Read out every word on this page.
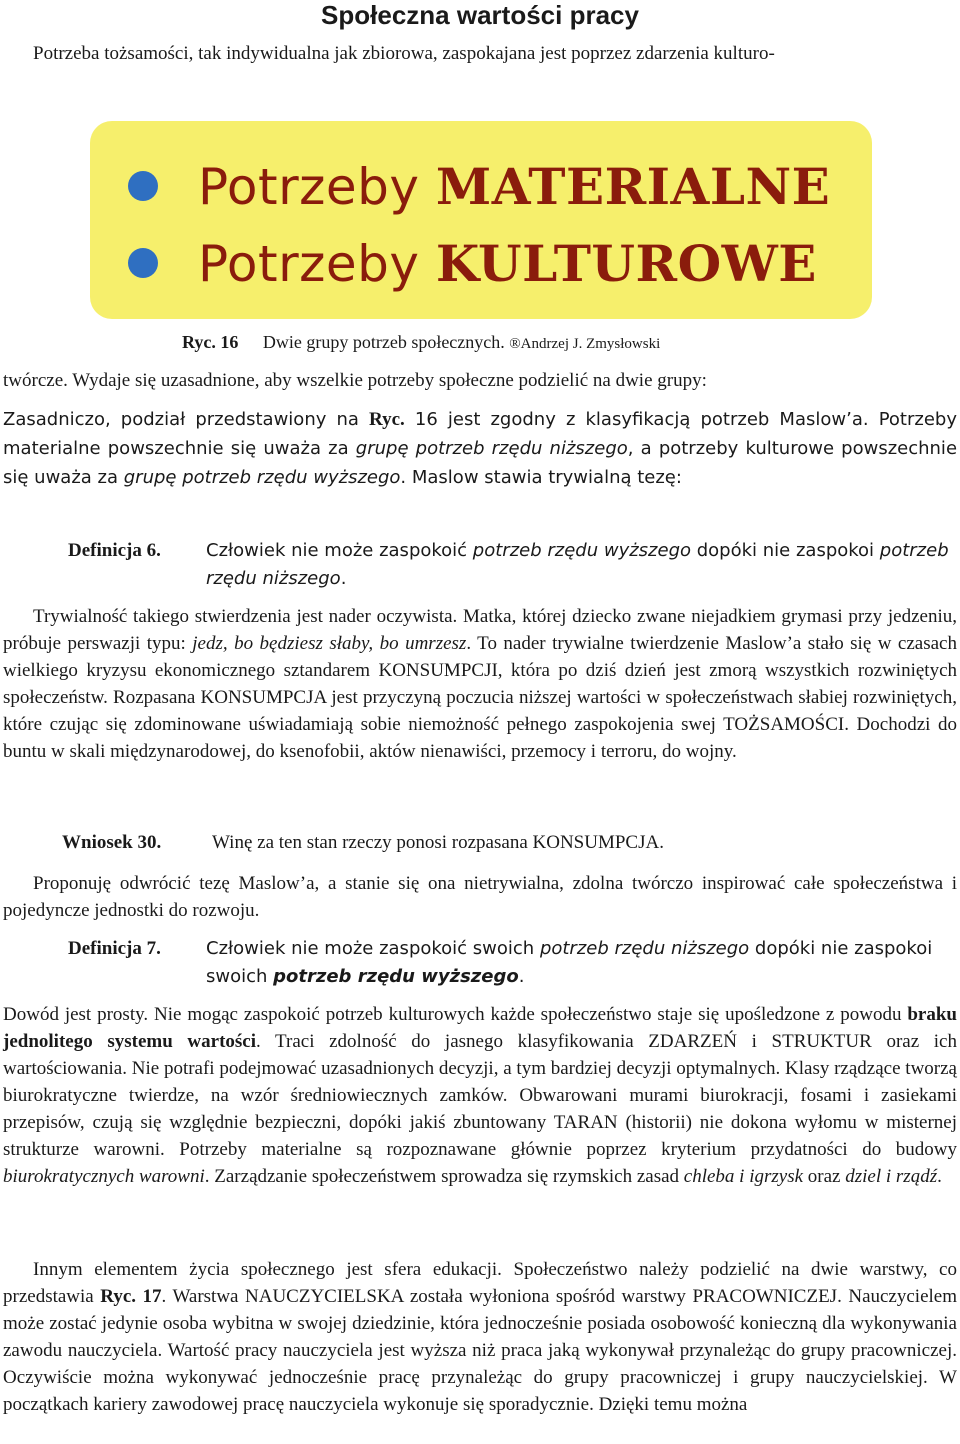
Społeczna wartości pracy
Potrzeba tożsamości, tak indywidualna jak zbiorowa, zaspokajana jest poprzez zdarzenia kulturo-
Potrzeby MATERIALNE
Potrzeby KULTUROWE
Ryc. 16 Dwie grupy potrzeb społecznych. ®Andrzej J. Zmysłowski
twórcze. Wydaje się uzasadnione, aby wszelkie potrzeby społeczne podzielić na dwie grupy:
Zasadniczo, podział przedstawiony na Ryc. 16 jest zgodny z klasyfikacją potrzeb Maslow’a. Potrzeby materialne powszechnie się uważa za grupę potrzeb rzędu niższego, a potrzeby kulturowe powszechnie się uważa za grupę potrzeb rzędu wyższego. Maslow stawia trywialną tezę:
Definicja 6.	Człowiek nie może zaspokoić potrzeb rzędu wyższego dopóki nie zaspokoi potrzeb rzędu niższego.
Trywialność takiego stwierdzenia jest nader oczywista. Matka, której dziecko zwane niejadkiem grymasi przy jedzeniu, próbuje perswazji typu: jedz, bo będziesz słaby, bo umrzesz. To nader trywialne twierdzenie Maslow’a stało się w czasach wielkiego kryzysu ekonomicznego sztandarem KONSUMPCJI, która po dziś dzień jest zmorą wszystkich rozwiniętych społeczeństw. Rozpasana KONSUMPCJA jest przyczyną poczucia niższej wartości w społeczeństwach słabiej rozwiniętych, które czując się zdominowane uświadamiają sobie niemożność pełnego zaspokojenia swej TOŻSAMOŚCI. Dochodzi do buntu w skali międzynarodowej, do ksenofobii, aktów nienawiści, przemocy i terroru, do wojny.
Wniosek 30.	Winę za ten stan rzeczy ponosi rozpasana KONSUMPCJA.
Proponuję odwrócić tezę Maslow’a, a stanie się ona nietrywialna, zdolna twórczo inspirować całe społeczeństwa i pojedyncze jednostki do rozwoju.
Definicja 7.	Człowiek nie może zaspokoić swoich potrzeb rzędu niższego dopóki nie zaspokoi swoich potrzeb rzędu wyższego.
Dowód jest prosty. Nie mogąc zaspokoić potrzeb kulturowych każde społeczeństwo staje się upośledzone z powodu braku jednolitego systemu wartości. Traci zdolność do jasnego klasyfikowania ZDARZEŃ i STRUKTUR oraz ich wartościowania. Nie potrafi podejmować uzasadnionych decyzji, a tym bardziej decyzji optymalnych. Klasy rządzące tworzą biurokratyczne twierdze, na wzór średniowiecznych zamków. Obwarowani murami biurokracji, fosami i zasiekami przepisów, czują się względnie bezpieczni, dopóki jakiś zbuntowany TARAN (historii) nie dokona wyłomu w misternej strukturze warowni. Potrzeby materialne są rozpoznawane głównie poprzez kryterium przydatności do budowy biurokratycznych warowni. Zarządzanie społeczeństwem sprowadza się rzymskich zasad chleba i igrzysk oraz dziel i rządź.
Innym elementem życia społecznego jest sfera edukacji. Społeczeństwo należy podzielić na dwie warstwy, co przedstawia Ryc. 17. Warstwa NAUCZYCIELSKA została wyłoniona spośród warstwy PRACOWNICZEJ. Nauczycielem może zostać jedynie osoba wybitna w swojej dziedzinie, która jednocześnie posiada osobowość konieczną dla wykonywania zawodu nauczyciela. Wartość pracy nauczyciela jest wyższa niż praca jaką wykonywał przynależąc do grupy pracowniczej. Oczywiście można wykonywać jednocześnie pracę przynależąc do grupy pracowniczej i grupy nauczycielskiej. W początkach kariery zawodowej pracę nauczyciela wykonuje się sporadycznie. Dzięki temu można
